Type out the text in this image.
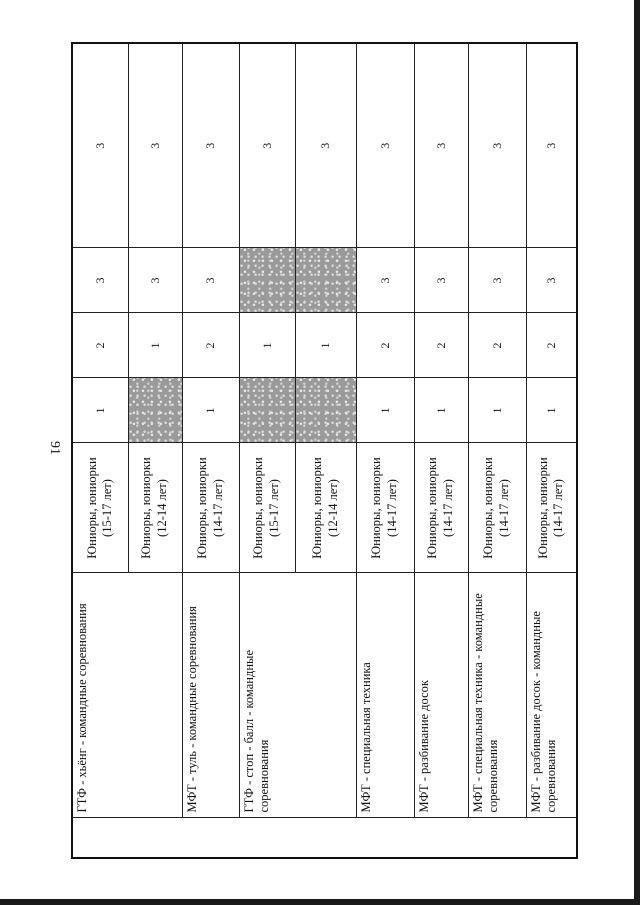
91
	ГТФ - хьёнг - командные соревнования	Юниоры, юниорки (15-17 лет)	1	2	3	3
		Юниоры, юниорки (12-14 лет)		1	3	3
	МФТ - туль - командные соревнования	Юниоры, юниорки (14-17 лет)	1	2	3	3
	ГТФ - стоп - балл - командные соревнования	Юниоры, юниорки (15-17 лет)		1		3
		Юниоры, юниорки (12-14 лет)		1		3
	МФТ - специальная техника	Юниоры, юниорки (14-17 лет)	1	2	3	3
	МФТ - разбивание досок	Юниоры, юниорки (14-17 лет)	1	2	3	3
	МФТ - специальная техника - командные соревнования	Юниоры, юниорки (14-17 лет)	1	2	3	3
	МФТ - разбивание досок - командные соревнования	Юниоры, юниорки (14-17 лет)	1	2	3	3
